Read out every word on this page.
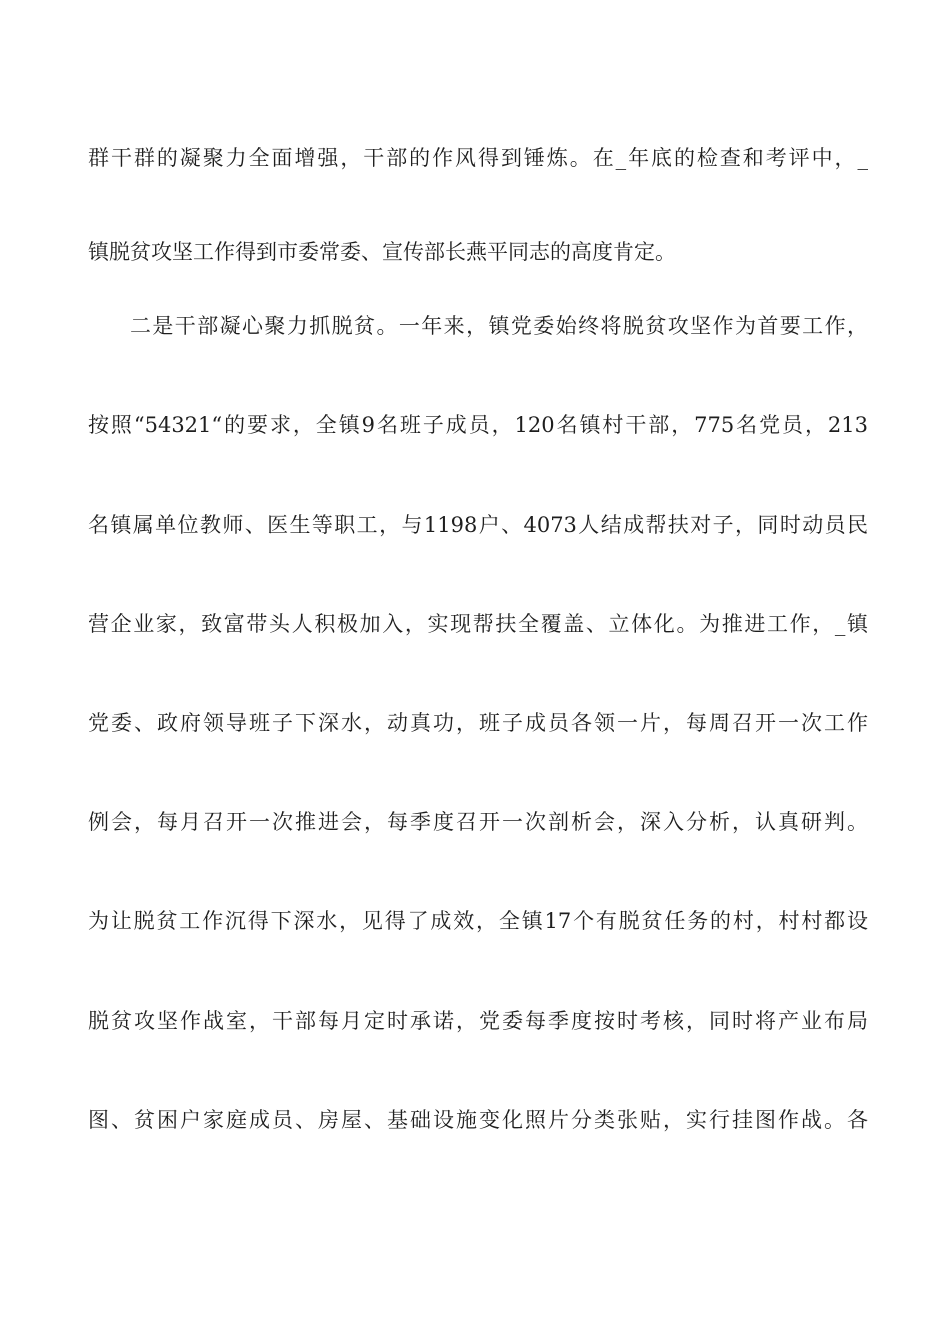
群干群的凝聚力全面增强，干部的作风得到锤炼。在_年底的检查和考评中，_
镇脱贫攻坚工作得到市委常委、宣传部长燕平同志的高度肯定。
二是干部凝心聚力抓脱贫。一年来，镇党委始终将脱贫攻坚作为首要工作，
按照“54321“的要求，全镇9名班子成员，120名镇村干部，775名党员，213
名镇属单位教师、医生等职工，与1198户、4073人结成帮扶对子，同时动员民
营企业家，致富带头人积极加入，实现帮扶全覆盖、立体化。为推进工作，_镇
党委、政府领导班子下深水，动真功，班子成员各领一片，每周召开一次工作
例会，每月召开一次推进会，每季度召开一次剖析会，深入分析，认真研判。
为让脱贫工作沉得下深水，见得了成效，全镇17个有脱贫任务的村，村村都设
脱贫攻坚作战室，干部每月定时承诺，党委每季度按时考核，同时将产业布局
图、贫困户家庭成员、房屋、基础设施变化照片分类张贴，实行挂图作战。各
